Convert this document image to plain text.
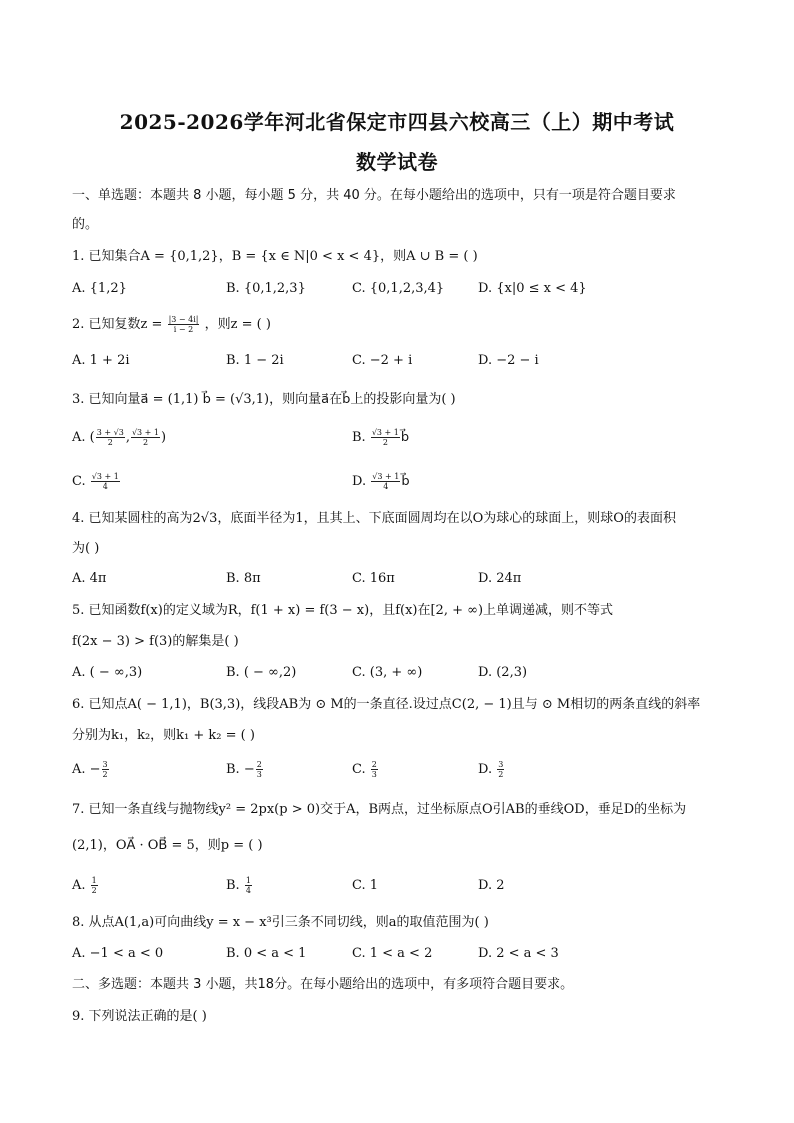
2025-2026学年河北省保定市四县六校高三（上）期中考试
数学试卷
一、单选题：本题共 8 小题，每小题 5 分，共 40 分。在每小题给出的选项中，只有一项是符合题目要求
的。
1. 已知集合A = {0,1,2}，B = {x ∈ N|0 < x < 4}，则A ∪ B = ( )
A. {1,2}	B. {0,1,2,3}	C. {0,1,2,3,4}	D. {x|0 ≤ x < 4}
2. 已知复数$z = \frac{|3 - 4i|}{i - 2}$ ，则z = ( )
A. 1 + 2i	B. 1 − 2i	C. −2 + i	D. −2 − i
3. 已知向量a⃗ = (1,1) b⃗ = (√3,1)，则向量a⃗在b⃗上的投影向量为( )
A. ( $\frac{3 + √3}{2}$ , $\frac{√3 + 1}{2}$ )	B. $\frac{√3 + 1}{2}$ b⃗
C. $\frac{√3 + 1}{4}$	D. $\frac{√3 + 1}{4}$ b⃗
4. 已知某圆柱的高为2√3，底面半径为1，且其上、下底面圆周均在以O为球心的球面上，则球O的表面积
为( )
A. 4π	B. 8π	C. 16π	D. 24π
5. 已知函数f(x)的定义域为R，f(1 + x) = f(3 − x)，且f(x)在[2, + ∞)上单调递减，则不等式
f(2x − 3) > f(3)的解集是( )
A. ( − ∞,3)	B. ( − ∞,2)	C. (3, + ∞)	D. (2,3)
6. 已知点A( − 1,1)，B(3,3)，线段AB为 ⊙ M的一条直径.设过点C(2, − 1)且与 ⊙ M相切的两条直线的斜率
分别为k₁，k₂，则k₁ + k₂ = ( )
A. − $\frac{3}{2}$	B. − $\frac{2}{3}$	C. $\frac{2}{3}$	D. $\frac{3}{2}$
7. 已知一条直线与抛物线y² = 2px(p > 0)交于A，B两点，过坐标原点O引AB的垂线OD，垂足D的坐标为
(2,1)，OA⃗ · OB⃗ = 5，则p = ( )
A. $\frac{1}{2}$	B. $\frac{1}{4}$	C. 1	D. 2
8. 从点A(1,a)可向曲线y = x − x³引三条不同切线，则a的取值范围为( )
A. −1 < a < 0	B. 0 < a < 1	C. 1 < a < 2	D. 2 < a < 3
二、多选题：本题共 3 小题，共18分。在每小题给出的选项中，有多项符合题目要求。
9. 下列说法正确的是( )
